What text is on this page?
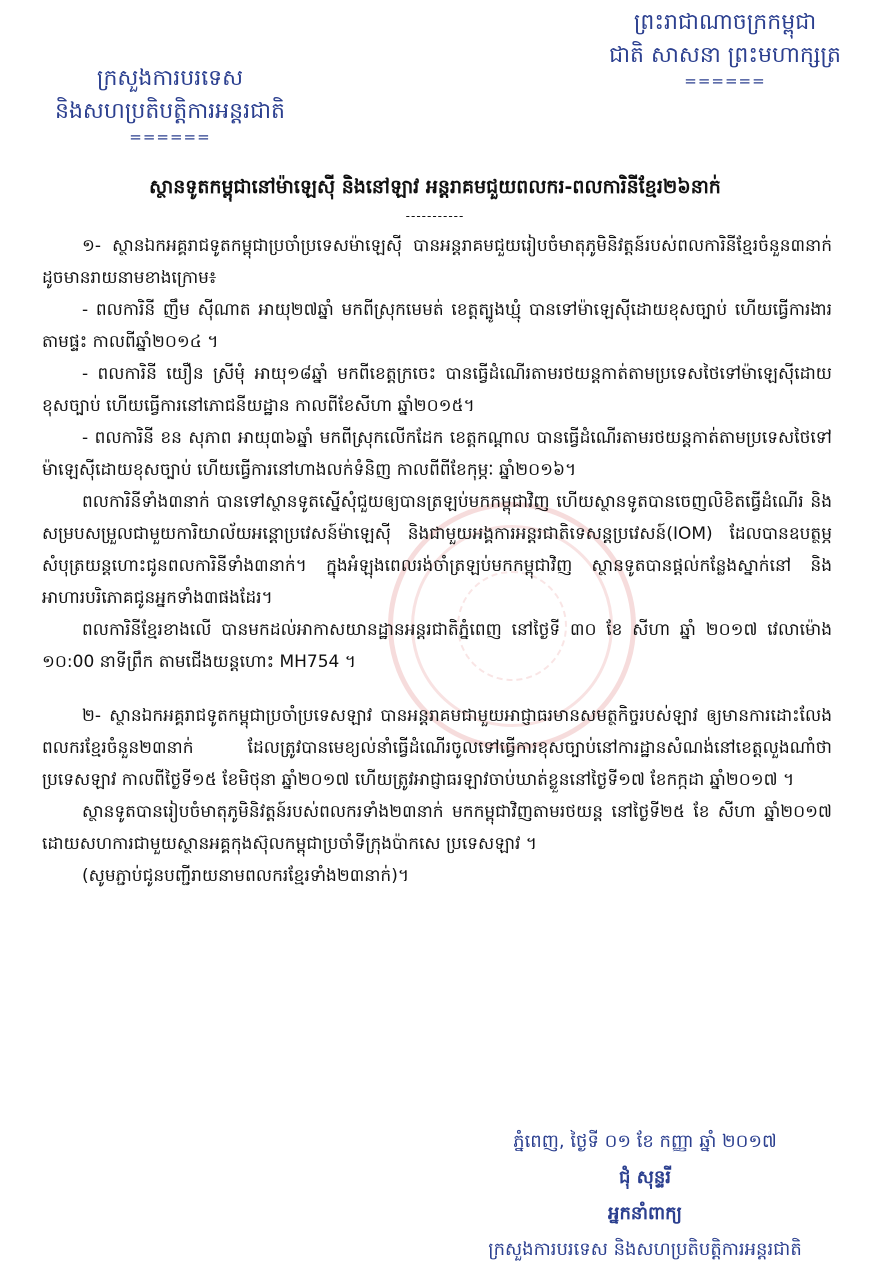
ព្រះរាជាណាចក្រកម្ពុជា
ជាតិ សាសនា ព្រះមហាក្សត្រ
======
ក្រសួងការបរទេស
និងសហប្រតិបត្តិការអន្តរជាតិ
======
ស្ថានទូតកម្ពុជានៅម៉ាឡេស៊ី និងនៅឡាវ អន្តរាគមជួយពលករ-ពលការិនីខ្មែរ២៦នាក់
-----------

១- ស្ថានឯកអគ្គរាជទូតកម្ពុជាប្រចាំប្រទេសម៉ាឡេស៊ី បានអន្តរាគមជួយរៀបចំមាតុភូមិនិវត្តន៍របស់ពលការិនីខ្មែរចំនួន៣នាក់ ដូចមានរាយនាមខាងក្រោម៖

- ពលការិនី ញឹម ស៊ីណាត អាយុ២៧ឆ្នាំ មកពីស្រុកមេមត់ ខេត្តត្បូងឃ្មុំ បានទៅម៉ាឡេស៊ីដោយខុសច្បាប់ ហើយធ្វើការងារតាមផ្ទះ កាលពីឆ្នាំ២០១៤ ។

- ពលការិនី យឿន ស្រីមុំ អាយុ១៨ឆ្នាំ មកពីខេត្តក្រចេះ បានធ្វើដំណើរតាមរថយន្តកាត់តាមប្រទេសថៃទៅម៉ាឡេស៊ីដោយខុសច្បាប់ ហើយធ្វើការនៅភោជនីយដ្ឋាន កាលពីខែសីហា ឆ្នាំ២០១៥។

- ពលការិនី ខន សុភាព អាយុ៣៦ឆ្នាំ មកពីស្រុកលើកដែក ខេត្តកណ្តាល បានធ្វើដំណើរតាមរថយន្តកាត់តាមប្រទេសថៃទៅម៉ាឡេស៊ីដោយខុសច្បាប់ ហើយធ្វើការនៅហាងលក់ទំនិញ កាលពីពីខែកុម្ភៈ ឆ្នាំ២០១៦។

ពលការិនីទាំង៣នាក់ បានទៅស្ថានទូតស្នើសុំជួយឲ្យបានត្រឡប់មកកម្ពុជាវិញ ហើយស្ថានទូតបានចេញលិខិតធ្វើដំណើរ និងសម្របសម្រួលជាមួយការិយាល័យអន្តោប្រវេសន៍ម៉ាឡេស៊ី និងជាមួយអង្គការអន្តរជាតិទេសន្តប្រវេសន៍(IOM) ដែលបានឧបត្ថម្ភសំបុត្រយន្តហោះជូនពលការិនីទាំង៣នាក់។ ក្នុងអំឡុងពេលរង់ចាំត្រឡប់មកកម្ពុជាវិញ ស្ថានទូតបានផ្តល់កន្លែងស្នាក់នៅ និងអាហារបរិភោគជូនអ្នកទាំង៣ផងដែរ។

ពលការិនីខ្មែរខាងលើ បានមកដល់អាកាសយានដ្ឋានអន្តរជាតិភ្នំពេញ នៅថ្ងៃទី ៣០ ខែ សីហា ឆ្នាំ ២០១៧ វេលាម៉ោង ១០:00 នាទីព្រឹក តាមជើងយន្តហោះ MH754 ។

២- ស្ថានឯកអគ្គរាជទូតកម្ពុជាប្រចាំប្រទេសឡាវ បានអន្តរាគមជាមួយអាជ្ញាធរមានសមត្ថកិច្ចរបស់ឡាវ ឲ្យមានការដោះលែងពលករខ្មែរចំនួន២៣នាក់ ដែលត្រូវបានមេខ្យល់នាំធ្វើដំណើរចូលទៅធ្វើការខុសច្បាប់នៅការដ្ឋានសំណង់នៅខេត្តលួងណាំថា ប្រទេសឡាវ កាលពីថ្ងៃទី១៥ ខែមិថុនា ឆ្នាំ២០១៧ ហើយត្រូវអាជ្ញាធរឡាវចាប់ឃាត់ខ្លួននៅថ្ងៃទី១៧ ខែកក្កដា ឆ្នាំ២០១៧ ។

ស្ថានទូតបានរៀបចំមាតុភូមិនិវត្តន៍របស់ពលករទាំង២៣នាក់ មកកម្ពុជាវិញតាមរថយន្ត នៅថ្ងៃទី២៥ ខែ សីហា ឆ្នាំ២០១៧ ដោយសហការជាមួយស្ថានអគ្គកុងស៊ុលកម្ពុជាប្រចាំទីក្រុងប៉ាកសេ ប្រទេសឡាវ ។

(សូមភ្ជាប់ជូនបញ្ជីរាយនាមពលករខ្មែរទាំង២៣នាក់)។

ភ្នំពេញ, ថ្ងៃទី ០១ ខែ កញ្ញា ឆ្នាំ ២០១៧
ជុំ សុន្ទរី
អ្នកនាំពាក្យ
ក្រសួងការបរទេស និងសហប្រតិបត្តិការអន្តរជាតិ
